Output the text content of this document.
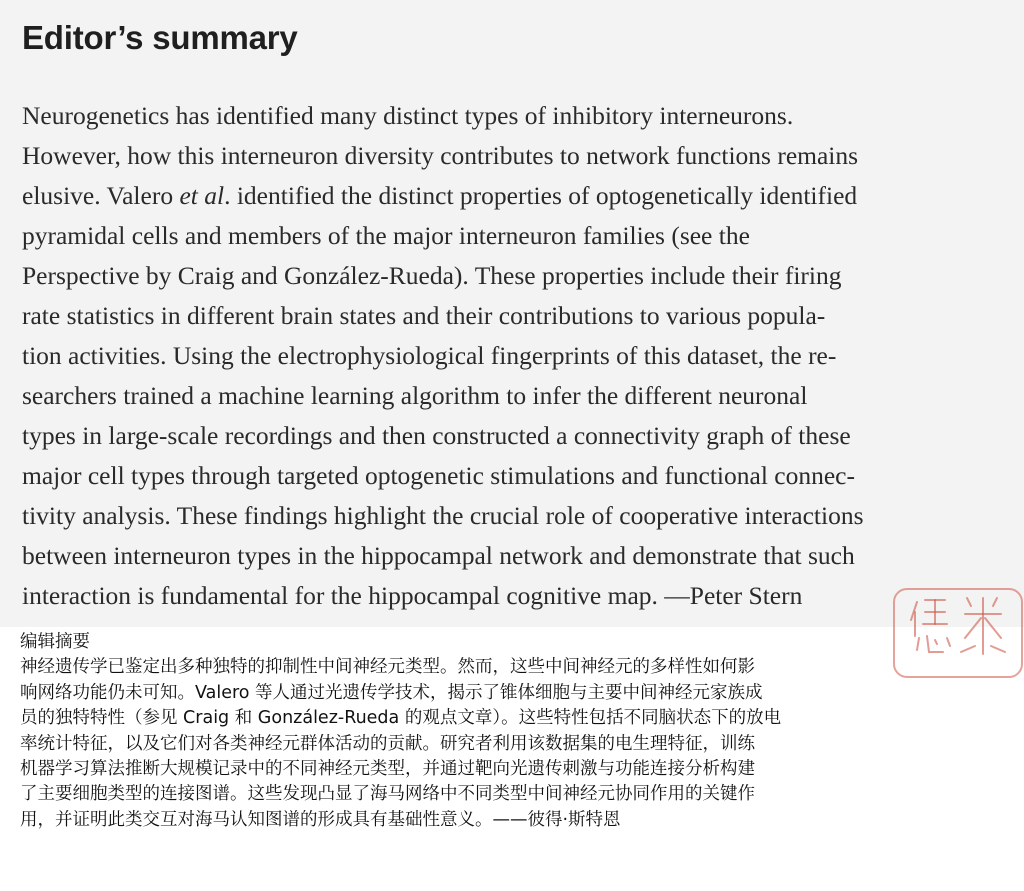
Editor’s summary
Neurogenetics has identified many distinct types of inhibitory interneurons.
However, how this interneuron diversity contributes to network functions remains
elusive. Valero et al. identified the distinct properties of optogenetically identified
pyramidal cells and members of the major interneuron families (see the
Perspective by Craig and González-Rueda). These properties include their firing
rate statistics in different brain states and their contributions to various popula-
tion activities. Using the electrophysiological fingerprints of this dataset, the re-
searchers trained a machine learning algorithm to infer the different neuronal
types in large-scale recordings and then constructed a connectivity graph of these
major cell types through targeted optogenetic stimulations and functional connec-
tivity analysis. These findings highlight the crucial role of cooperative interactions
between interneuron types in the hippocampal network and demonstrate that such
interaction is fundamental for the hippocampal cognitive map. —Peter Stern
编辑摘要
神经遗传学已鉴定出多种独特的抑制性中间神经元类型。然而，这些中间神经元的多样性如何影
响网络功能仍未可知。Valero 等人通过光遗传学技术，揭示了锥体细胞与主要中间神经元家族成
员的独特特性（参见 Craig 和 González-Rueda 的观点文章）。这些特性包括不同脑状态下的放电
率统计特征，以及它们对各类神经元群体活动的贡献。研究者利用该数据集的电生理特征，训练
机器学习算法推断大规模记录中的不同神经元类型，并通过靶向光遗传刺激与功能连接分析构建
了主要细胞类型的连接图谱。这些发现凸显了海马网络中不同类型中间神经元协同作用的关键作
用，并证明此类交互对海马认知图谱的形成具有基础性意义。——彼得·斯特恩
